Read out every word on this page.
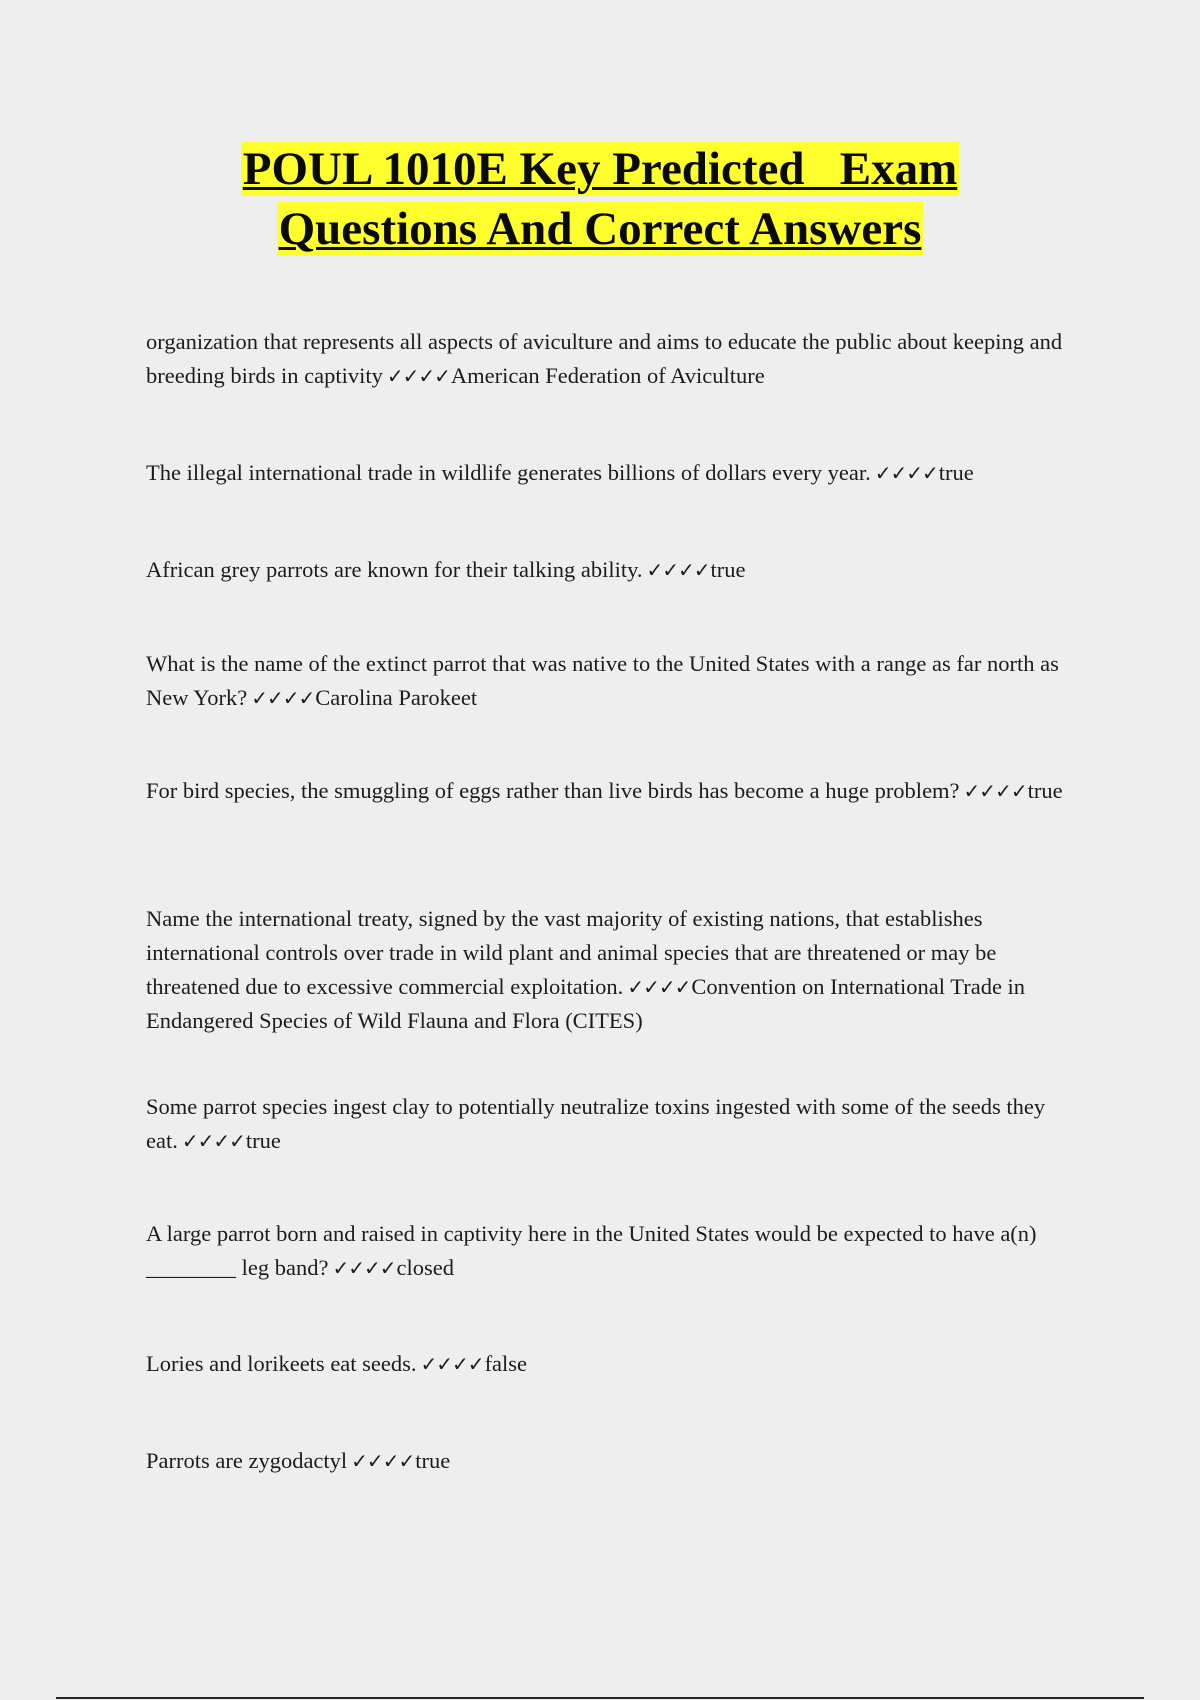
POUL 1010E Key Predicted   Exam
Questions And Correct Answers
organization that represents all aspects of aviculture and aims to educate the public about keeping and breeding birds in captivity ✓✓✓✓American Federation of Aviculture
The illegal international trade in wildlife generates billions of dollars every year. ✓✓✓✓true
African grey parrots are known for their talking ability. ✓✓✓✓true
What is the name of the extinct parrot that was native to the United States with a range as far north as New York? ✓✓✓✓Carolina Parokeet
For bird species, the smuggling of eggs rather than live birds has become a huge problem? ✓✓✓✓true
Name the international treaty, signed by the vast majority of existing nations, that establishes international controls over trade in wild plant and animal species that are threatened or may be threatened due to excessive commercial exploitation. ✓✓✓✓Convention on International Trade in Endangered Species of Wild Flauna and Flora (CITES)
Some parrot species ingest clay to potentially neutralize toxins ingested with some of the seeds they eat. ✓✓✓✓true
A large parrot born and raised in captivity here in the United States would be expected to have a(n) ________ leg band? ✓✓✓✓closed
Lories and lorikeets eat seeds. ✓✓✓✓false
Parrots are zygodactyl ✓✓✓✓true
